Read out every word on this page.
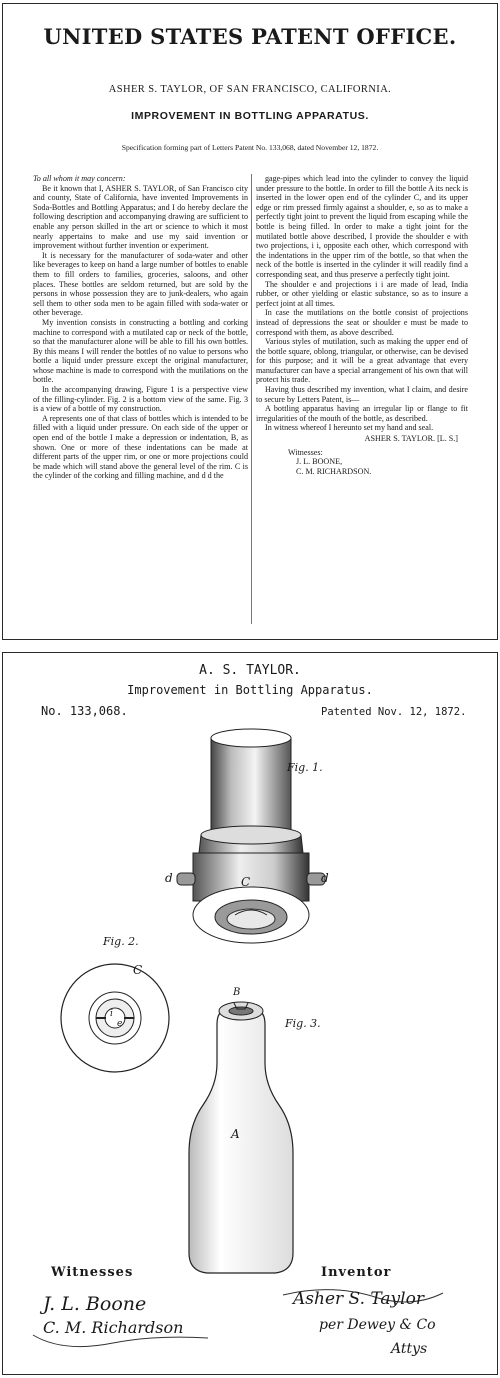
UNITED STATES PATENT OFFICE.
ASHER S. TAYLOR, OF SAN FRANCISCO, CALIFORNIA.
IMPROVEMENT IN BOTTLING APPARATUS.
Specification forming part of Letters Patent No. 133,068, dated November 12, 1872.

To all whom it may concern:

Be it known that I, ASHER S. TAYLOR, of San Francisco city and county, State of California, have invented Improvements in Soda-Bottles and Bottling Apparatus; and I do hereby declare the following description and accompanying drawing are sufficient to enable any person skilled in the art or science to which it most nearly appertains to make and use my said invention or improvement without further invention or experiment.

It is necessary for the manufacturer of soda-water and other like beverages to keep on hand a large number of bottles to enable them to fill orders to families, groceries, saloons, and other places. These bottles are seldom returned, but are sold by the persons in whose possession they are to junk-dealers, who again sell them to other soda men to be again filled with soda-water or other beverage.

My invention consists in constructing a bottling and corking machine to correspond with a mutilated cap or neck of the bottle, so that the manufacturer alone will be able to fill his own bottles. By this means I will render the bottles of no value to persons who bottle a liquid under pressure except the original manufacturer, whose machine is made to correspond with the mutilations on the bottle.

In the accompanying drawing, Figure 1 is a perspective view of the filling-cylinder. Fig. 2 is a bottom view of the same. Fig. 3 is a view of a bottle of my construction.

A represents one of that class of bottles which is intended to be filled with a liquid under pressure. On each side of the upper or open end of the bottle I make a depression or indentation, B, as shown. One or more of these indentations can be made at different parts of the upper rim, or one or more projections could be made which will stand above the general level of the rim. C is the cylinder of the corking and filling machine, and d d the

gage-pipes which lead into the cylinder to convey the liquid under pressure to the bottle. In order to fill the bottle A its neck is inserted in the lower open end of the cylinder C, and its upper edge or rim pressed firmly against a shoulder, e, so as to make a perfectly tight joint to prevent the liquid from escaping while the bottle is being filled. In order to make a tight joint for the mutilated bottle above described, I provide the shoulder e with two projections, i i, opposite each other, which correspond with the indentations in the upper rim of the bottle, so that when the neck of the bottle is inserted in the cylinder it will readily find a corresponding seat, and thus preserve a perfectly tight joint.

The shoulder e and projections i i are made of lead, India rubber, or other yielding or elastic substance, so as to insure a perfect joint at all times.

In case the mutilations on the bottle consist of projections instead of depressions the seat or shoulder e must be made to correspond with them, as above described.

Various styles of mutilation, such as making the upper end of the bottle square, oblong, triangular, or otherwise, can be devised for this purpose; and it will be a great advantage that every manufacturer can have a special arrangement of his own that will protect his trade.

Having thus described my invention, what I claim, and desire to secure by Letters Patent, is—

A bottling apparatus having an irregular lip or flange to fit irregularities of the mouth of the bottle, as described.

In witness whereof I hereunto set my hand and seal.

ASHER S. TAYLOR. [L. S.]

Witnesses:

J. L. BOONE,

C. M. RICHARDSON.

A. S. TAYLOR.
Improvement in Bottling Apparatus.
No. 133,068.	Patented Nov. 12, 1872.
Fig. 1.
d	d
C
Fig. 2.
C
i
e
B
Fig. 3.
A
Witnesses	Inventor
J. L. Boone
C. M. Richardson
Asher S. Taylor
per Dewey & Co
Attys
